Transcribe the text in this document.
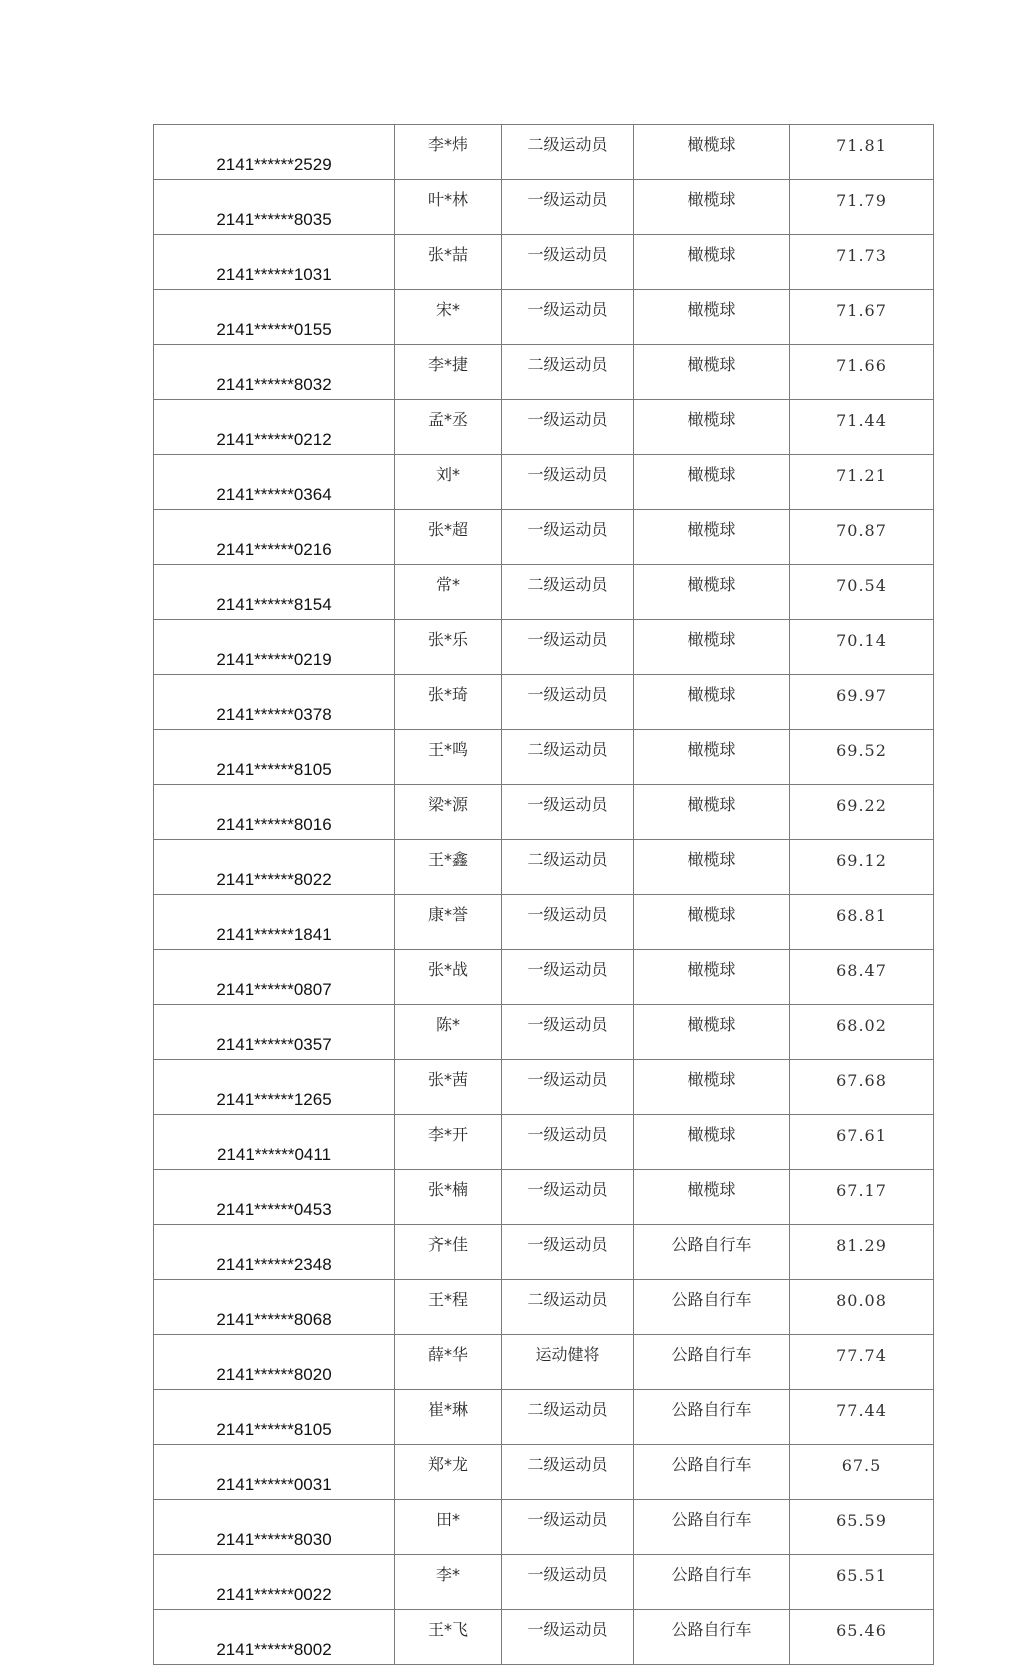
2141******2529	李*炜	二级运动员	橄榄球	71.81
2141******8035	叶*林	一级运动员	橄榄球	71.79
2141******1031	张*喆	一级运动员	橄榄球	71.73
2141******0155	宋*	一级运动员	橄榄球	71.67
2141******8032	李*捷	二级运动员	橄榄球	71.66
2141******0212	孟*丞	一级运动员	橄榄球	71.44
2141******0364	刘*	一级运动员	橄榄球	71.21
2141******0216	张*超	一级运动员	橄榄球	70.87
2141******8154	常*	二级运动员	橄榄球	70.54
2141******0219	张*乐	一级运动员	橄榄球	70.14
2141******0378	张*琦	一级运动员	橄榄球	69.97
2141******8105	王*鸣	二级运动员	橄榄球	69.52
2141******8016	梁*源	一级运动员	橄榄球	69.22
2141******8022	王*鑫	二级运动员	橄榄球	69.12
2141******1841	康*誉	一级运动员	橄榄球	68.81
2141******0807	张*战	一级运动员	橄榄球	68.47
2141******0357	陈*	一级运动员	橄榄球	68.02
2141******1265	张*茜	一级运动员	橄榄球	67.68
2141******0411	李*开	一级运动员	橄榄球	67.61
2141******0453	张*楠	一级运动员	橄榄球	67.17
2141******2348	齐*佳	一级运动员	公路自行车	81.29
2141******8068	王*程	二级运动员	公路自行车	80.08
2141******8020	薛*华	运动健将	公路自行车	77.74
2141******8105	崔*琳	二级运动员	公路自行车	77.44
2141******0031	郑*龙	二级运动员	公路自行车	67.5
2141******8030	田*	一级运动员	公路自行车	65.59
2141******0022	李*	一级运动员	公路自行车	65.51
2141******8002	王*飞	一级运动员	公路自行车	65.46
